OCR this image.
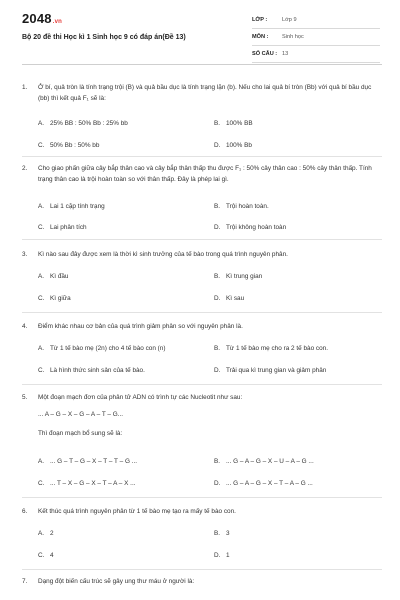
2048.vn
Bộ 20 đề thi Học kì 1 Sinh học 9 có đáp án(Đề 13)
LỚP :	Lớp 9
MÔN :	Sinh học
SỐ CÂU : 13
1.	Ở bí, quả tròn là tính trạng trội (B) và quả bầu dục là tính trạng lặn (b). Nếu cho lai quả bí tròn (Bb) với quả bí bầu dục (bb) thì kết quả F₁ sẽ là:
A. 25% BB : 50% Bb : 25% bb	B. 100% BB
C. 50% Bb : 50% bb	D. 100% Bb
2.	Cho giao phấn giữa cây bắp thân cao và cây bắp thân thấp thu được F₁ : 50% cây thân cao : 50% cây thân thấp. Tính trạng thân cao là trội hoàn toàn so với thân thấp. Đây là phép lai gì.
A. Lai 1 cặp tính trạng	B. Trội hoàn toàn.
C. Lai phân tích	D. Trội không hoàn toàn
3.	Kì nào sau đây được xem là thời kì sinh trưởng của tế bào trong quá trình nguyên phân.
A. Kì đầu	B. Kì trung gian
C. Kì giữa	D. Kì sau
4.	Điểm khác nhau cơ bản của quá trình giảm phân so với nguyên phân là.
A. Từ 1 tế bào mẹ (2n) cho 4 tế bào con (n)	B. Từ 1 tế bào mẹ cho ra 2 tế bào con.
C. Là hình thức sinh sản của tế bào.	D. Trải qua kì trung gian và giảm phân
5.	Một đoạn mạch đơn của phân tử ADN có trình tự các Nucleotit như sau:
... A – G – X – G – A – T – G...
Thì đoạn mạch bổ sung sẽ là:
A. ... G – T – G – X – T – T – G ...	B. ... G – A – G – X – U – A – G ...
C. ... T – X – G – X – T – A – X ...	D. ... G – A – G – X – T – A – G ...
6.	Kết thúc quá trình nguyên phân từ 1 tế bào mẹ tạo ra mấy tế bào con.
A. 2	B. 3
C. 4	D. 1
7.	Dạng đột biến cấu trúc sẽ gây ung thư máu ở người là:
